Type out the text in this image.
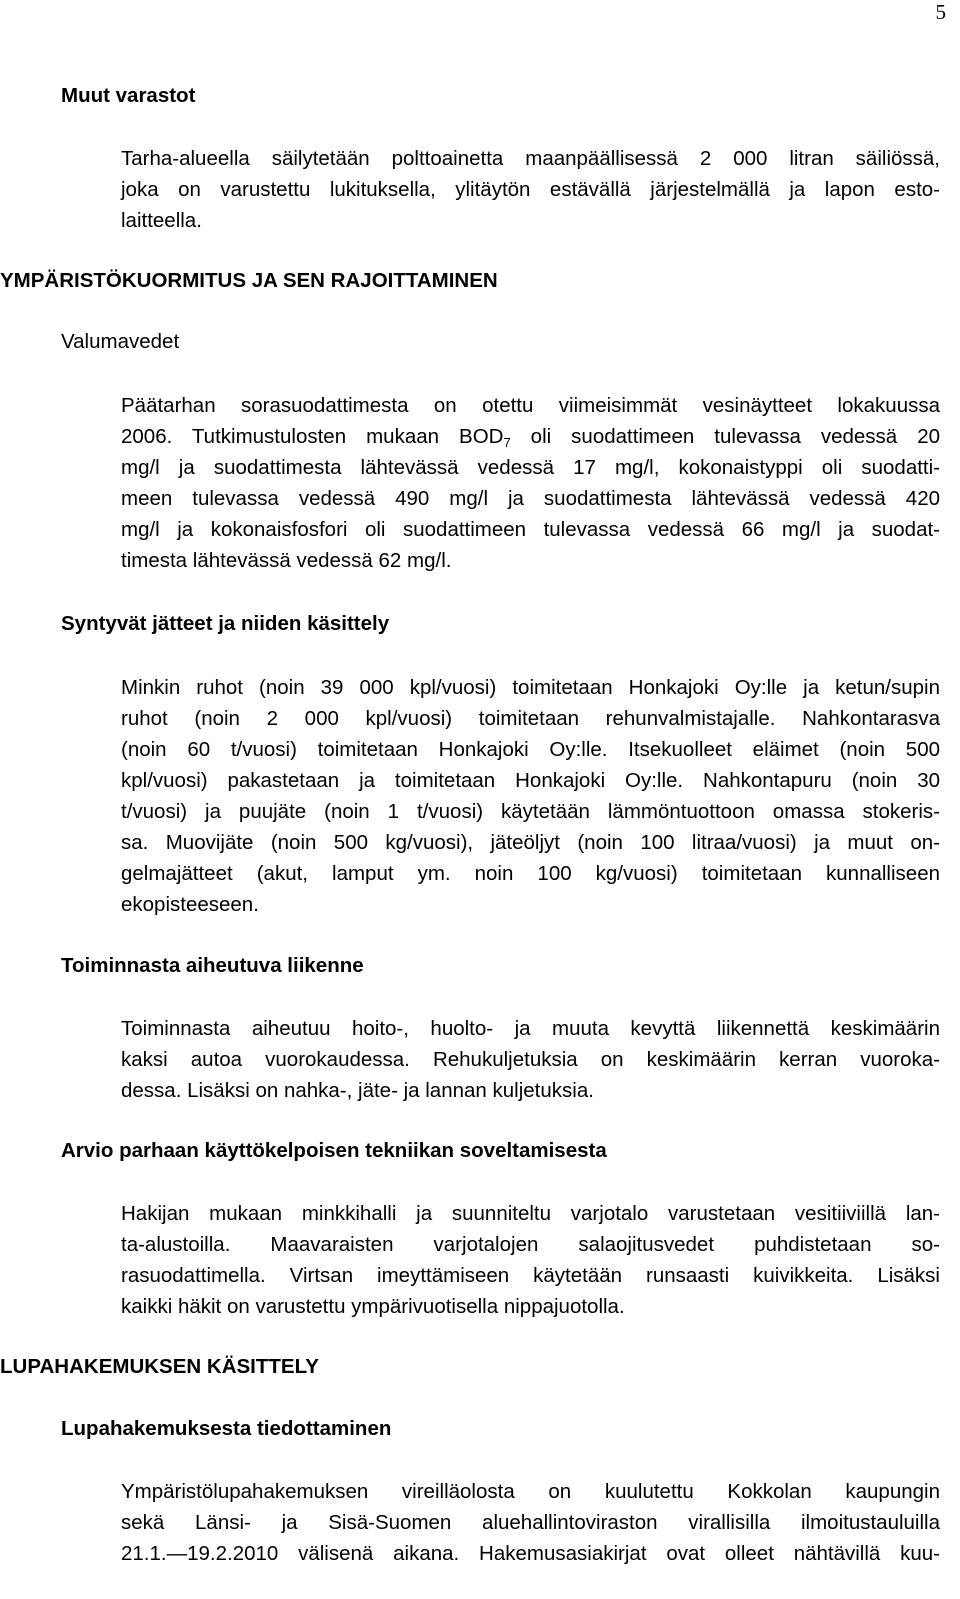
5
Muut varastot
Tarha-alueella säilytetään polttoainetta maanpäällisessä 2 000 litran säiliössä,
joka on varustettu lukituksella, ylitäytön estävällä järjestelmällä ja lapon esto-
laitteella.
YMPÄRISTÖKUORMITUS JA SEN RAJOITTAMINEN
Valumavedet
Päätarhan sorasuodattimesta on otettu viimeisimmät vesinäytteet lokakuussa
2006. Tutkimustulosten mukaan $BOD_7$ oli suodattimeen tulevassa vedessä 20
mg/l ja suodattimesta lähtevässä vedessä 17 mg/l, kokonaistyppi oli suodatti-
meen tulevassa vedessä 490 mg/l ja suodattimesta lähtevässä vedessä 420
mg/l ja kokonaisfosfori oli suodattimeen tulevassa vedessä 66 mg/l ja suodat-
timesta lähtevässä vedessä 62 mg/l.
Syntyvät jätteet ja niiden käsittely
Minkin ruhot (noin 39 000 kpl/vuosi) toimitetaan Honkajoki Oy:lle ja ketun/supin
ruhot (noin 2 000 kpl/vuosi) toimitetaan rehunvalmistajalle. Nahkontarasva
(noin 60 t/vuosi) toimitetaan Honkajoki Oy:lle. Itsekuolleet eläimet (noin 500
kpl/vuosi) pakastetaan ja toimitetaan Honkajoki Oy:lle. Nahkontapuru (noin 30
t/vuosi) ja puujäte (noin 1 t/vuosi) käytetään lämmöntuottoon omassa stokeris-
sa. Muovijäte (noin 500 kg/vuosi), jäteöljyt (noin 100 litraa/vuosi) ja muut on-
gelmajätteet (akut, lamput ym. noin 100 kg/vuosi) toimitetaan kunnalliseen
ekopisteeseen.
Toiminnasta aiheutuva liikenne
Toiminnasta aiheutuu hoito-, huolto- ja muuta kevyttä liikennettä keskimäärin
kaksi autoa vuorokaudessa. Rehukuljetuksia on keskimäärin kerran vuoroka-
dessa. Lisäksi on nahka-, jäte- ja lannan kuljetuksia.
Arvio parhaan käyttökelpoisen tekniikan soveltamisesta
Hakijan mukaan minkkihalli ja suunniteltu varjotalo varustetaan vesitiiviillä lan-
ta-alustoilla. Maavaraisten varjotalojen salaojitusvedet puhdistetaan so-
rasuodattimella. Virtsan imeyttämiseen käytetään runsaasti kuivikkeita. Lisäksi
kaikki häkit on varustettu ympärivuotisella nippajuotolla.
LUPAHAKEMUKSEN KÄSITTELY
Lupahakemuksesta tiedottaminen
Ympäristölupahakemuksen vireilläolosta on kuulutettu Kokkolan kaupungin
sekä Länsi- ja Sisä-Suomen aluehallintoviraston virallisilla ilmoitustauluilla
21.1.—19.2.2010 välisenä aikana. Hakemusasiakirjat ovat olleet nähtävillä kuu-
